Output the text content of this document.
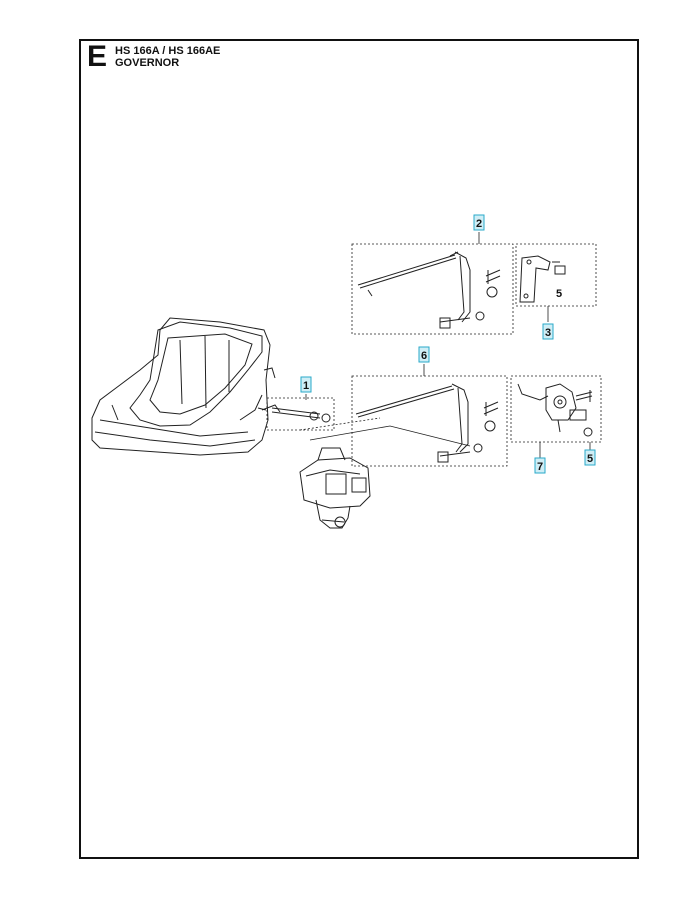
E HS 166A / HS 166AE
GOVERNOR
1
2
3
5
6
7
5
